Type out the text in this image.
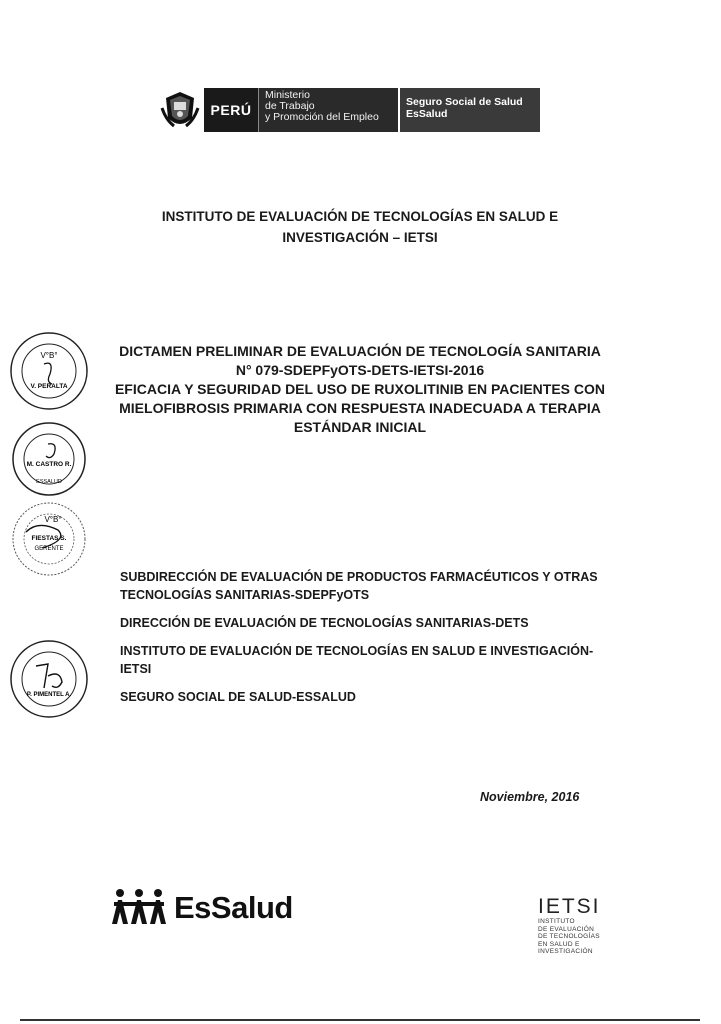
PERÚ
Ministerio
de Trabajo
y Promoción del Empleo
Seguro Social de Salud
EsSalud
INSTITUTO DE EVALUACIÓN DE TECNOLOGÍAS EN SALUD E
INVESTIGACIÓN – IETSI
DICTAMEN PRELIMINAR DE EVALUACIÓN DE TECNOLOGÍA SANITARIA
N° 079-SDEPFyOTS-DETS-IETSI-2016
EFICACIA Y SEGURIDAD DEL USO DE RUXOLITINIB EN PACIENTES CON
MIELOFIBROSIS PRIMARIA CON RESPUESTA INADECUADA A TERAPIA
ESTÁNDAR INICIAL
V°B°
V. PERALTA
M. CASTRO R.
ESSALUD
V°B°
FIESTAS S.
GERENTE
P. PIMENTEL A.

SUBDIRECCIÓN DE EVALUACIÓN DE PRODUCTOS FARMACÉUTICOS Y OTRAS
TECNOLOGÍAS SANITARIAS-SDEPFyOTS

DIRECCIÓN DE EVALUACIÓN DE TECNOLOGÍAS SANITARIAS-DETS

INSTITUTO DE EVALUACIÓN DE TECNOLOGÍAS EN SALUD E INVESTIGACIÓN-
IETSI

SEGURO SOCIAL DE SALUD-ESSALUD

Noviembre, 2016
EsSalud	IETSI
INSTITUTO
DE EVALUACIÓN
DE TECNOLOGÍAS
EN SALUD E
INVESTIGACIÓN
